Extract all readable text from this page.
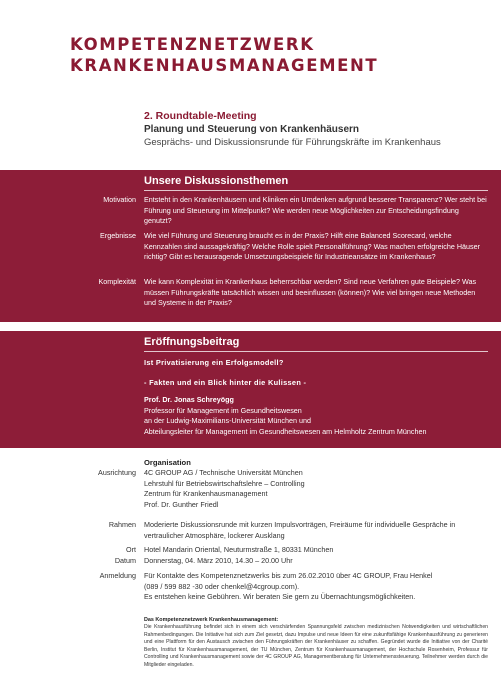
KOMPETENZNETZWERK
KRANKENHAUSMANAGEMENT
2. Roundtable-Meeting
Planung und Steuerung von Krankenhäusern
Gesprächs- und Diskussionsrunde für Führungskräfte im Krankenhaus
Unsere Diskussionsthemen
Motivation Entsteht in den Krankenhäusern und Kliniken ein Umdenken aufgrund besserer Transparenz? Wer steht bei Führung und Steuerung im Mittelpunkt? Wie werden neue Möglichkeiten zur Entscheidungsfindung genutzt?
Ergebnisse Wie viel Führung und Steuerung braucht es in der Praxis? Hilft eine Balanced Scorecard, welche Kennzahlen sind aussagekräftig? Welche Rolle spielt Personalführung? Was machen erfolgreiche Häuser richtig? Gibt es herausragende Umsetzungsbeispiele für Industrieansätze im Krankenhaus?
Komplexität Wie kann Komplexität im Krankenhaus beherrschbar werden? Sind neue Verfahren gute Beispiele? Was müssen Führungskräfte tatsächlich wissen und beeinflussen (können)? Wie viel bringen neue Methoden und Systeme in der Praxis?
Eröffnungsbeitrag
Ist Privatisierung ein Erfolgsmodell?
- Fakten und ein Blick hinter die Kulissen -
Prof. Dr. Jonas Schreyögg
Professor für Management im Gesundheitswesen
an der Ludwig-Maximilians-Universität München und
Abteilungsleiter für Management im Gesundheitswesen am Helmholtz Zentrum München
Organisation
Ausrichtung 4C GROUP AG / Technische Universität München
Lehrstuhl für Betriebswirtschaftslehre – Controlling
Zentrum für Krankenhausmanagement
Prof. Dr. Gunther Friedl
Rahmen Moderierte Diskussionsrunde mit kurzen Impulsvorträgen, Freiräume für individuelle Gespräche in vertraulicher Atmosphäre, lockerer Ausklang
Ort Hotel Mandarin Oriental, Neuturmstraße 1, 80331 München
Datum Donnerstag, 04. März 2010, 14.30 – 20.00 Uhr
Anmeldung Für Kontakte des Kompetenznetzwerks bis zum 26.02.2010 über 4C GROUP, Frau Henkel
(089 / 599 882 -30 oder chenkel@4cgroup.com).
Es entstehen keine Gebühren. Wir beraten Sie gern zu Übernachtungsmöglichkeiten.
Das Kompetenznetzwerk Krankenhausmanagement:
Die Krankenhausführung befindet sich in einem sich verschärfenden Spannungsfeld zwischen medizinischen Notwendigkeiten und wirtschaftlichen Rahmenbedingungen. Die Initiative hat sich zum Ziel gesetzt, dazu Impulse und neue Ideen für eine zukunftsfähige Krankenhausführung zu generieren und eine Plattform für den Austausch zwischen den Führungskräften der Krankenhäuser zu schaffen. Gegründet wurde die Initiative von der Charité Berlin, Institut für Krankenhausmanagement, der TU München, Zentrum für Krankenhausmanagement, der Hochschule Rosenheim, Professur für Controlling und Krankenhausmanagement sowie der 4C GROUP AG, Managementberatung für Unternehmenssteuerung. Teilnehmer werden durch die Mitglieder eingeladen.
